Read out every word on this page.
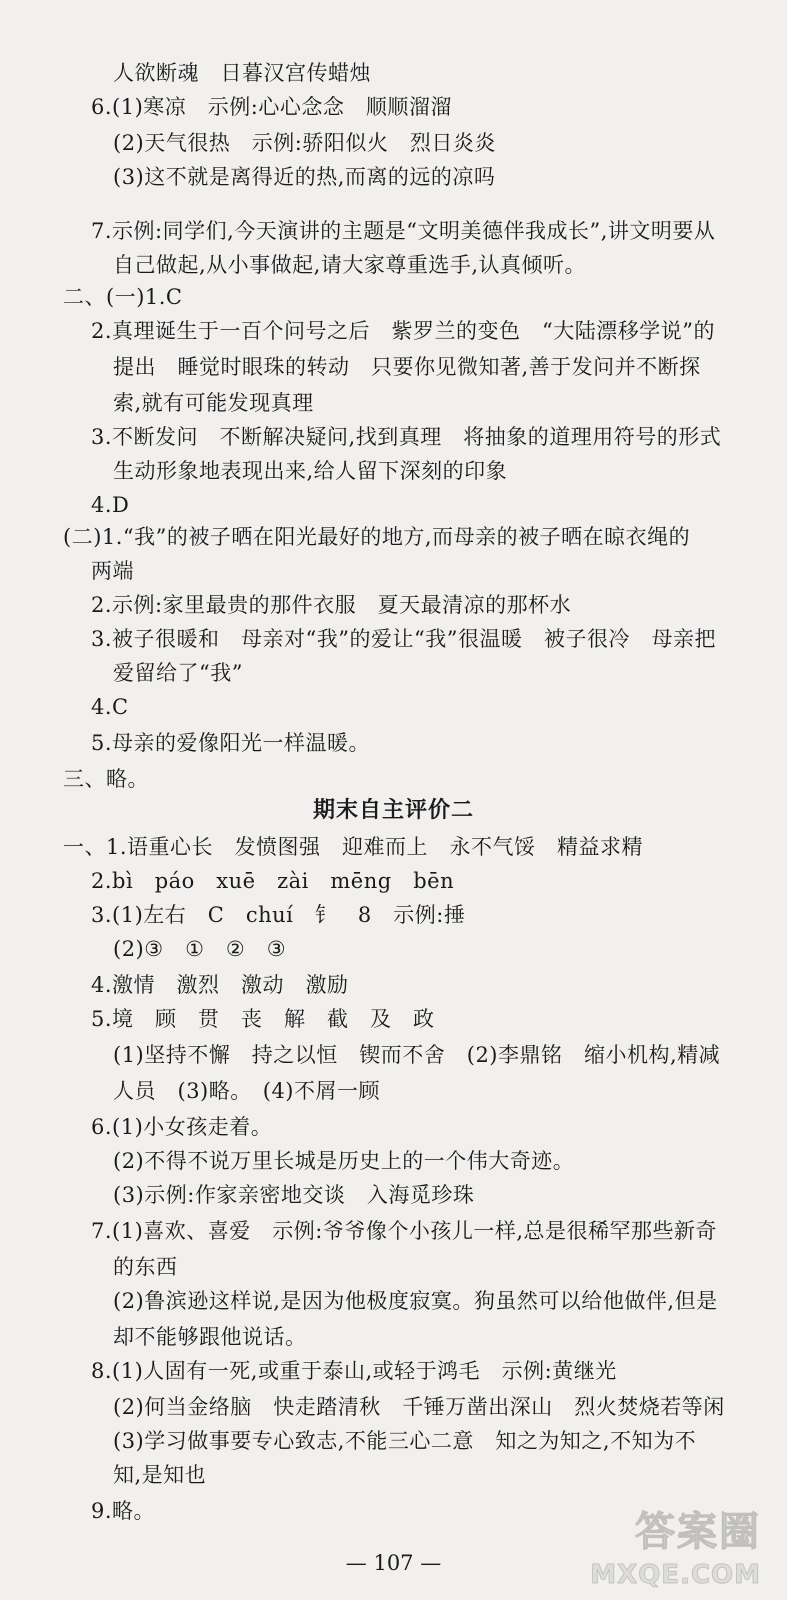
人欲断魂　日暮汉宫传蜡烛
6.(1)寒凉　示例:心心念念　顺顺溜溜
(2)天气很热　示例:骄阳似火　烈日炎炎
(3)这不就是离得近的热,而离的远的凉吗
7.示例:同学们,今天演讲的主题是“文明美德伴我成长”,讲文明要从
自己做起,从小事做起,请大家尊重选手,认真倾听。
二、(一)1.C
2.真理诞生于一百个问号之后　紫罗兰的变色　“大陆漂移学说”的
提出　睡觉时眼珠的转动　只要你见微知著,善于发问并不断探
索,就有可能发现真理
3.不断发问　不断解决疑问,找到真理　将抽象的道理用符号的形式
生动形象地表现出来,给人留下深刻的印象
4.D
(二)1.“我”的被子晒在阳光最好的地方,而母亲的被子晒在晾衣绳的
两端
2.示例:家里最贵的那件衣服　夏天最清凉的那杯水
3.被子很暖和　母亲对“我”的爱让“我”很温暖　被子很冷　母亲把
爱留给了“我”
4.C
5.母亲的爱像阳光一样温暖。
三、略。
期末自主评价二
一、1.语重心长　发愤图强　迎难而上　永不气馁　精益求精
2.bì　páo　xuē　zài　mēng　bēn
3.(1)左右　C　chuí　钅　8　示例:捶
(2)③　①　②　③
4.激情　激烈　激动　激励
5.境　顾　贯　丧　解　截　及　政
(1)坚持不懈　持之以恒　锲而不舍　(2)李鼎铭　缩小机构,精减
人员　(3)略。　(4)不屑一顾
6.(1)小女孩走着。
(2)不得不说万里长城是历史上的一个伟大奇迹。
(3)示例:作家亲密地交谈　入海觅珍珠
7.(1)喜欢、喜爱　示例:爷爷像个小孩儿一样,总是很稀罕那些新奇
的东西
(2)鲁滨逊这样说,是因为他极度寂寞。狗虽然可以给他做伴,但是
却不能够跟他说话。
8.(1)人固有一死,或重于泰山,或轻于鸿毛　示例:黄继光
(2)何当金络脑　快走踏清秋　千锤万凿出深山　烈火焚烧若等闲
(3)学习做事要专心致志,不能三心二意　知之为知之,不知为不
知,是知也
9.略。
— 107 —
答案圈
MXQE.COM
